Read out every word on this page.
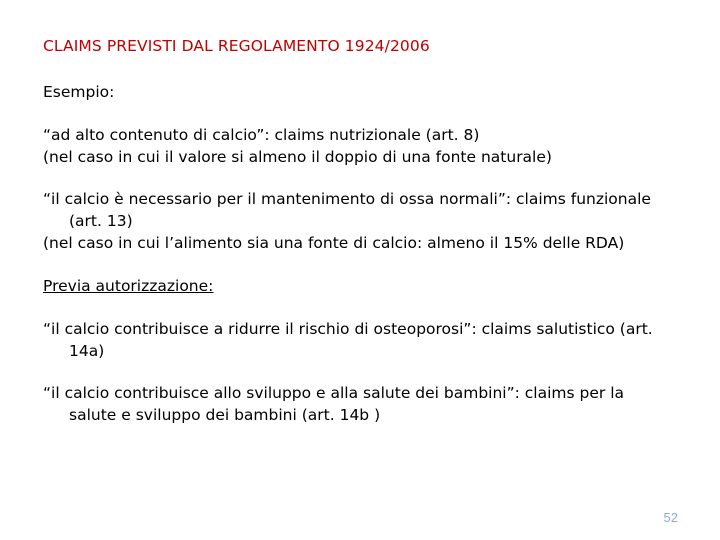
CLAIMS PREVISTI DAL REGOLAMENTO 1924/2006
Esempio:
“ad alto contenuto di calcio”: claims nutrizionale (art. 8)
(nel caso in cui il valore si almeno il doppio di una fonte naturale)
“il calcio è necessario per il mantenimento di ossa normali”: claims funzionale
(art. 13)
(nel caso in cui l’alimento sia una fonte di calcio: almeno il 15% delle RDA)
Previa autorizzazione:
“il calcio contribuisce a ridurre il rischio di osteoporosi”: claims salutistico (art.
14a)
“il calcio contribuisce allo sviluppo e alla salute dei bambini”: claims per la
salute e sviluppo dei bambini (art. 14b )
52
